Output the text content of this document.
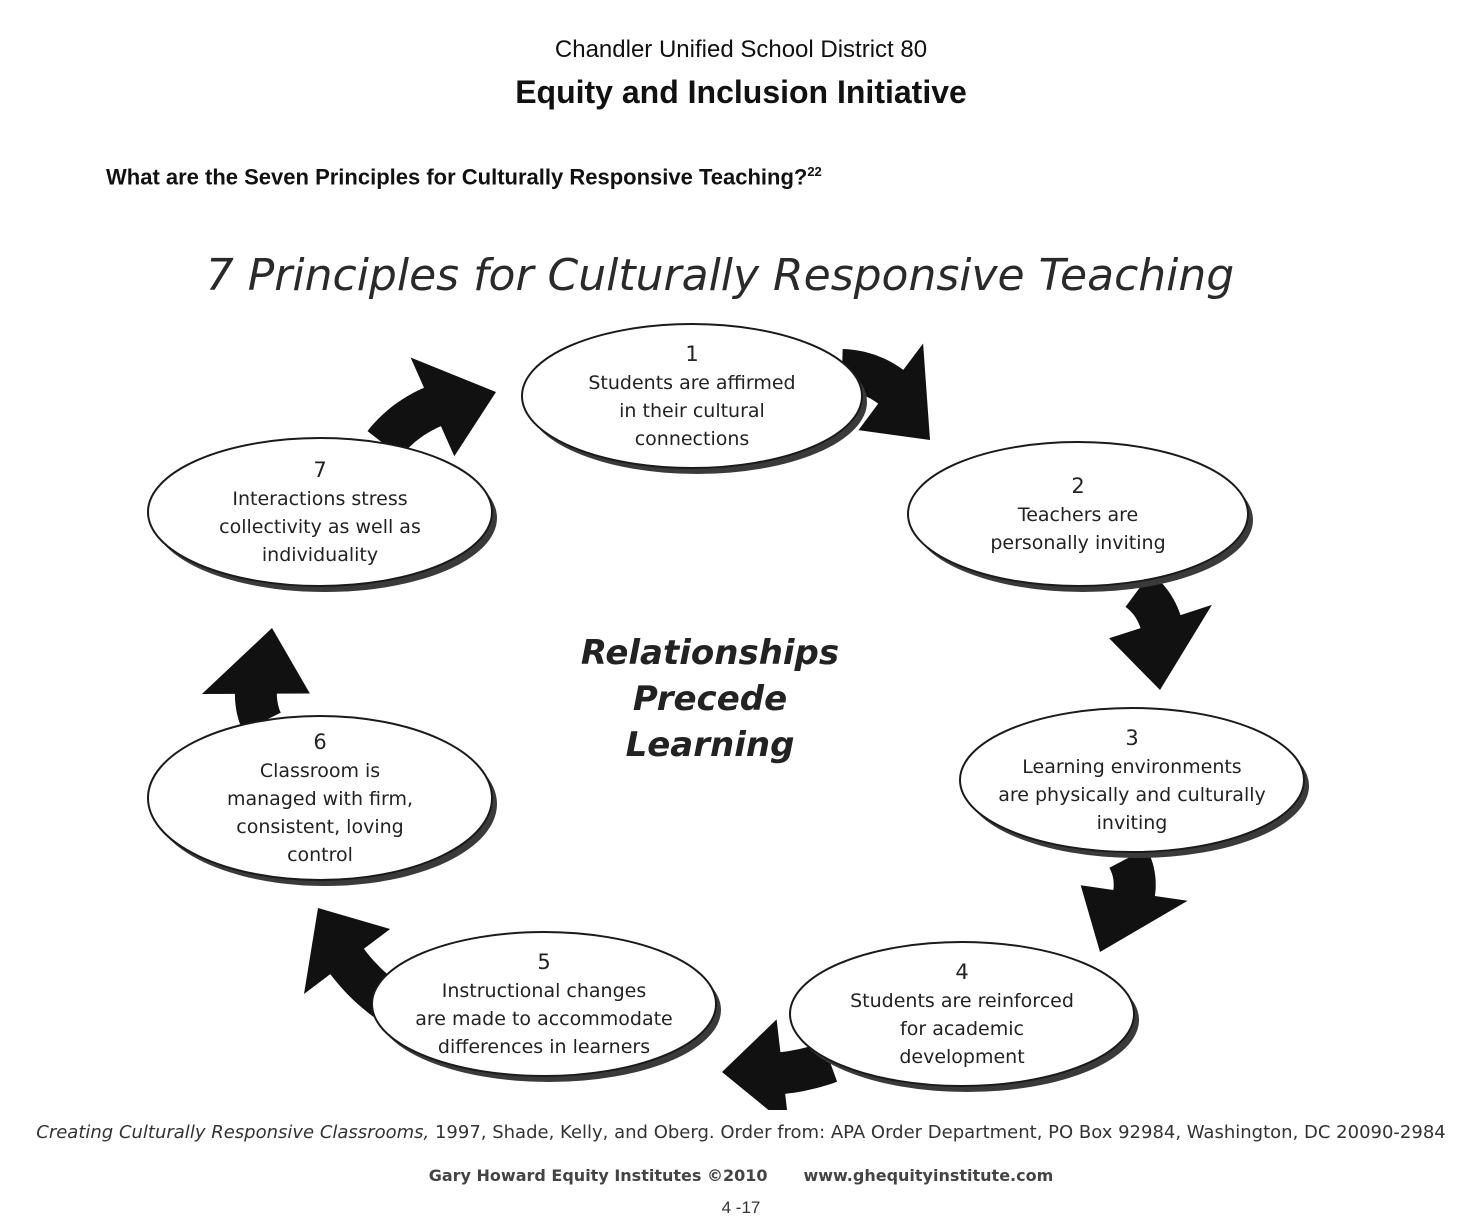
Chandler Unified School District 80
Equity and Inclusion Initiative
What are the Seven Principles for Culturally Responsive Teaching?$^{22}$
7 Principles for Culturally Responsive Teaching
1
Students are affirmed
in their cultural
connections
2
Teachers are
personally inviting
3
Learning environments
are physically and culturally
inviting
4
Students are reinforced
for academic
development
5
Instructional changes
are made to accommodate
differences in learners
6
Classroom is
managed with firm,
consistent, loving
control
7
Interactions stress
collectivity as well as
individuality
Relationships
Precede
Learning
Creating Culturally Responsive Classrooms, 1997, Shade, Kelly, and Oberg. Order from: APA Order Department, PO Box 92984, Washington, DC 20090-2984
Gary Howard Equity Institutes ©2010 www.ghequityinstitute.com
4 -17
